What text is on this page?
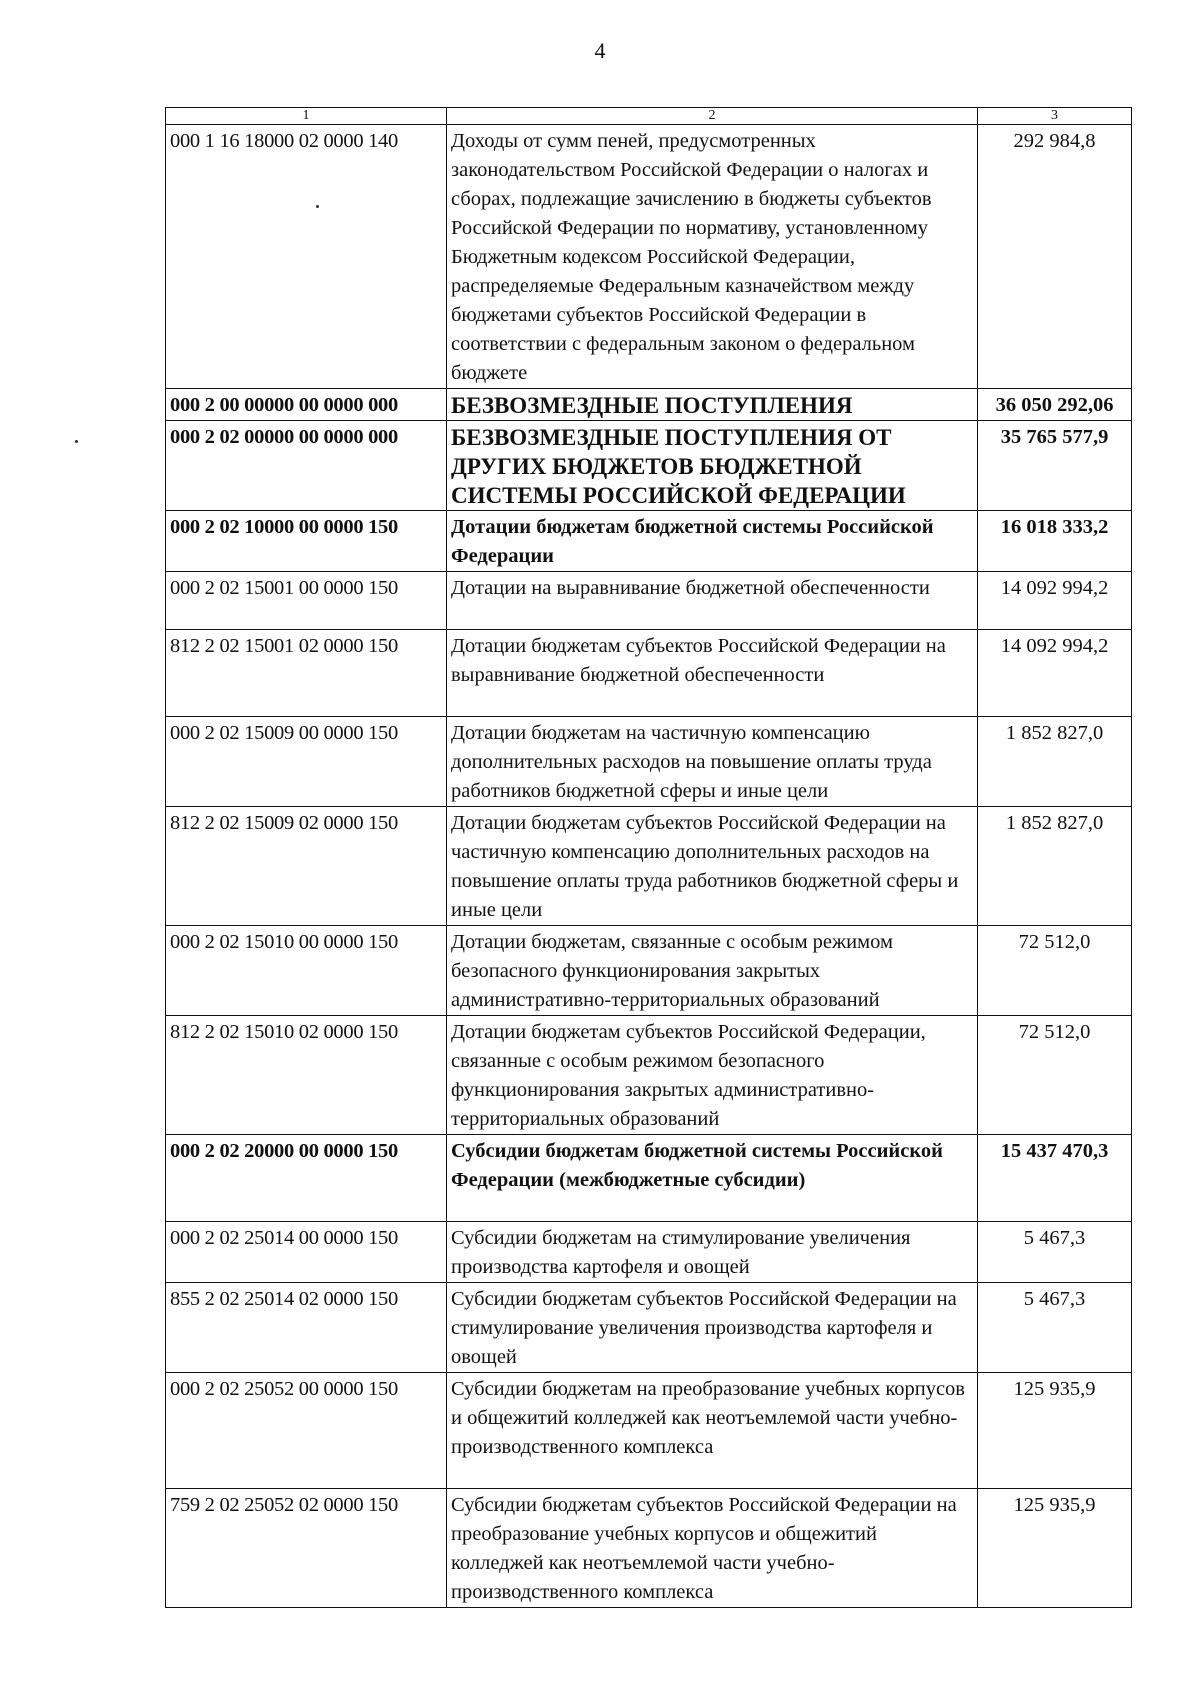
4
1	2	3
000 1 16 18000 02 0000 140	Доходы от сумм пеней, предусмотренных законодательством Российской Федерации о налогах и сборах, подлежащие зачислению в бюджеты субъектов Российской Федерации по нормативу, установленному Бюджетным кодексом Российской Федерации, распределяемые Федеральным казначейством между бюджетами субъектов Российской Федерации в соответствии с федеральным законом о федеральном бюджете	292 984,8
000 2 00 00000 00 0000 000	БЕЗВОЗМЕЗДНЫЕ ПОСТУПЛЕНИЯ	36 050 292,06
000 2 02 00000 00 0000 000	БЕЗВОЗМЕЗДНЫЕ ПОСТУПЛЕНИЯ ОТ ДРУГИХ БЮДЖЕТОВ БЮДЖЕТНОЙ СИСТЕМЫ РОССИЙСКОЙ ФЕДЕРАЦИИ	35 765 577,9
000 2 02 10000 00 0000 150	Дотации бюджетам бюджетной системы Российской Федерации	16 018 333,2
000 2 02 15001 00 0000 150	Дотации на выравнивание бюджетной обеспеченности	14 092 994,2
812 2 02 15001 02 0000 150	Дотации бюджетам субъектов Российской Федерации на выравнивание бюджетной обеспеченности	14 092 994,2
000 2 02 15009 00 0000 150	Дотации бюджетам на частичную компенсацию дополнительных расходов на повышение оплаты труда работников бюджетной сферы и иные цели	1 852 827,0
812 2 02 15009 02 0000 150	Дотации бюджетам субъектов Российской Федерации на частичную компенсацию дополнительных расходов на повышение оплаты труда работников бюджетной сферы и иные цели	1 852 827,0
000 2 02 15010 00 0000 150	Дотации бюджетам, связанные с особым режимом безопасного функционирования закрытых административно-территориальных образований	72 512,0
812 2 02 15010 02 0000 150	Дотации бюджетам субъектов Российской Федерации, связанные с особым режимом безопасного функционирования закрытых административно-территориальных образований	72 512,0
000 2 02 20000 00 0000 150	Субсидии бюджетам бюджетной системы Российской Федерации (межбюджетные субсидии)	15 437 470,3
000 2 02 25014 00 0000 150	Субсидии бюджетам на стимулирование увеличения производства картофеля и овощей	5 467,3
855 2 02 25014 02 0000 150	Субсидии бюджетам субъектов Российской Федерации на стимулирование увеличения производства картофеля и овощей	5 467,3
000 2 02 25052 00 0000 150	Субсидии бюджетам на преобразование учебных корпусов и общежитий колледжей как неотъемлемой части учебно-производственного комплекса	125 935,9
759 2 02 25052 02 0000 150	Субсидии бюджетам субъектов Российской Федерации на преобразование учебных корпусов и общежитий колледжей как неотъемлемой части учебно-производственного комплекса	125 935,9
